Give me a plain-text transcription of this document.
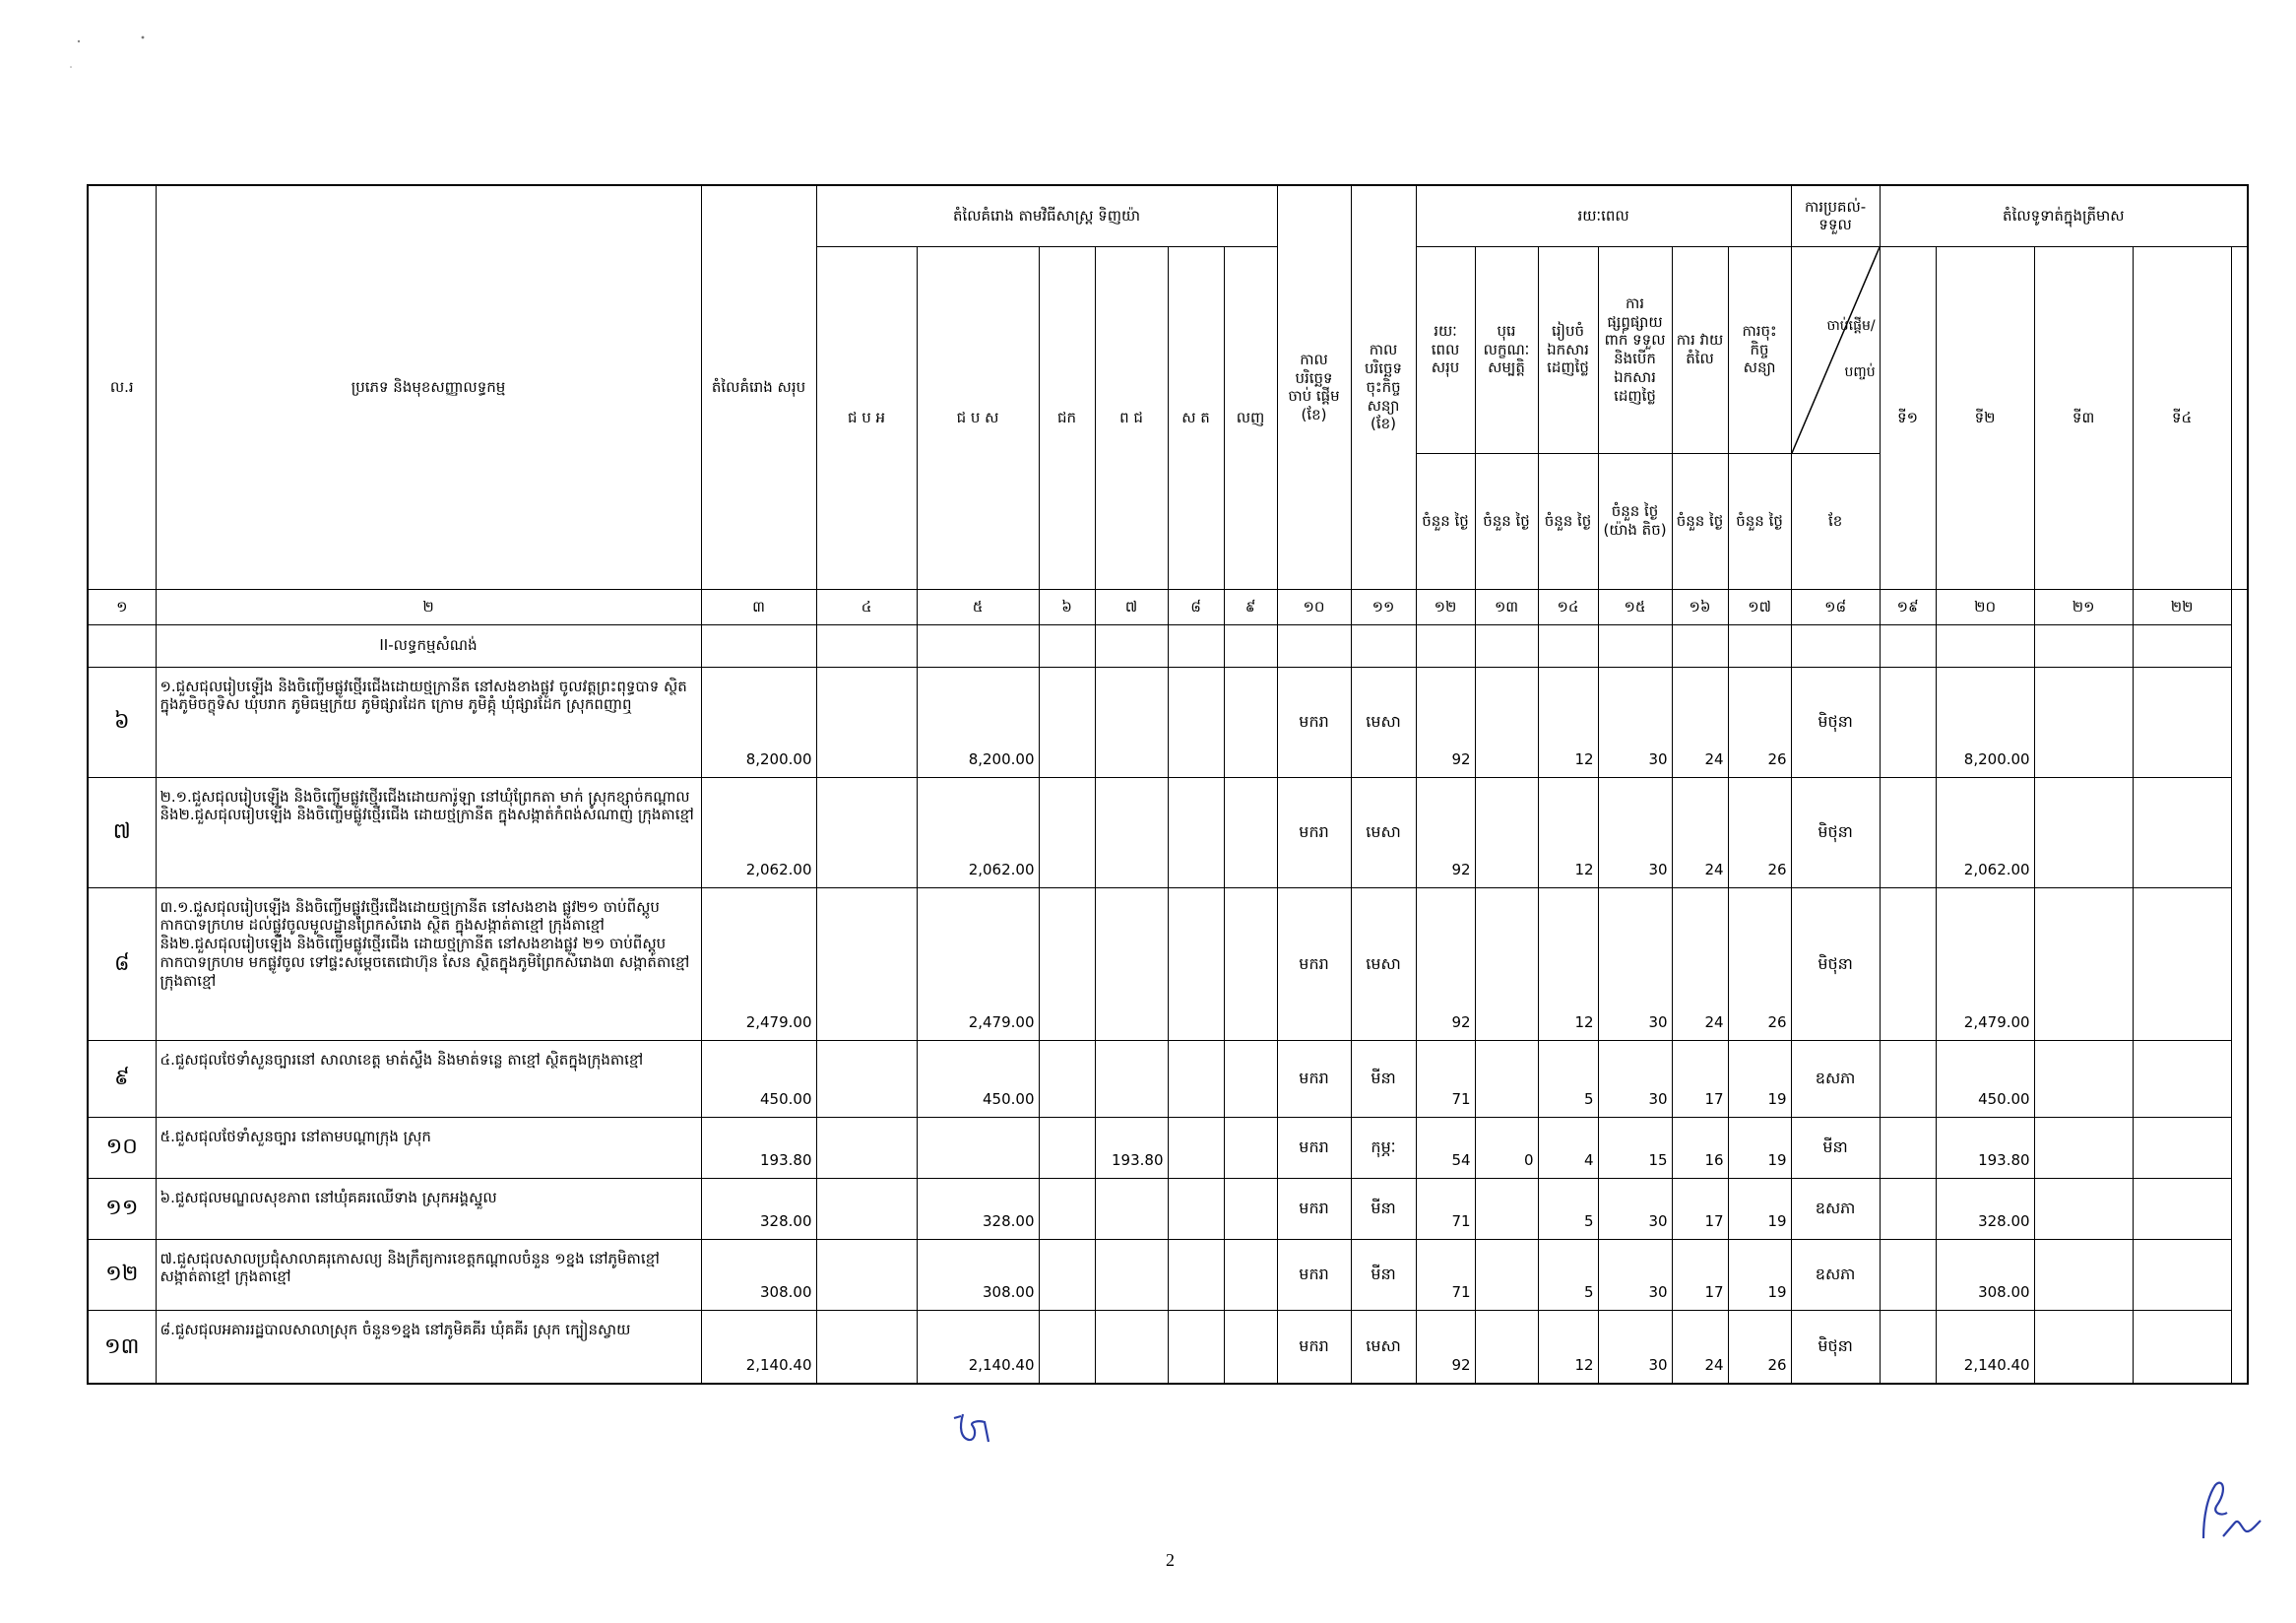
ល.រ	ប្រភេទ និងមុខសញ្ញាលទ្ធកម្ម	តំលៃគំរោង សរុប	តំលៃគំរោង តាមវិធីសាស្ត្រ ទិញយ៉ា						កាលបរិច្ឆេទ ចាប់ ផ្តើម (ខែ)	កាលបរិច្ឆេទ ចុះកិច្ច សន្យា (ខែ)	រយៈពេល						ការប្រគល់- ទទួល	តំលៃទូទាត់ក្នុងត្រីមាស				
			ជ ប អ	ជ ប ស	ជក	ព ជ	ស ត	លញ			រយៈ ពេល សរុប	បុរេ លក្ខណៈ សម្បត្តិ	រៀបចំ ឯកសារ ដេញថ្លៃ	ការផ្សព្វផ្សាយពាក់ ទទួល និងបើក ឯកសារ ដេញថ្លៃ	ការ វាយ តំលៃ	ការចុះ កិច្ច សន្យា	ចាប់ផ្តើម/
បញ្ចប់	ទី១	ទី២	ទី៣	ទី៤	
											ចំនួន ថ្ងៃ	ចំនួន ថ្ងៃ	ចំនួន ថ្ងៃ	ចំនួន ថ្ងៃ (យ៉ាង តិច)	ចំនួន ថ្ងៃ	ចំនួន ថ្ងៃ	ខែ					
១	២	៣	៤	៥	៦	៧	៨	៩	១០	១១	១២	១៣	១៤	១៥	១៦	១៧	១៨	១៩	២០	២១	២២	
	II-លទ្ធកម្មសំណង់																					
៦	១.ជួសជុលរៀបឡើង និងចិញ្ចើមផ្លូវថ្មើរជើងដោយថ្មក្រានីត នៅសងខាងផ្លូវ ចូលវត្តព្រះពុទ្ធបាទ ស្ថិតក្នុងភូមិចក្ខុទិស ឃុំបរាក ភូមិធម្មក្រយ ភូមិផ្សារដែក ក្រោម ភូមិគ្កុំ ឃុំផ្សារដែក ស្រុកពញាឮ	8,200.00		8,200.00					មករា	មេសា	92		12	30	24	26	មិថុនា		8,200.00			
៧	២.១.ជួសជុលរៀបឡើង និងចិញ្ចើមផ្លូវថ្មើរជើងដោយការ៉ូឡា នៅឃុំព្រែកតា មាក់ ស្រុកខ្សាច់កណ្តាល និង២.ជួសជុលរៀបឡើង និងចិញ្ចើមផ្លូវថ្មើរជើង ដោយថ្មក្រានីត ក្នុងសង្កាត់កំពង់សំណាញ់ ក្រុងតាខ្មៅ	2,062.00		2,062.00					មករា	មេសា	92		12	30	24	26	មិថុនា		2,062.00			
៨	៣.១.ជួសជុលរៀបឡើង និងចិញ្ចើមផ្លូវថ្មើរជើងដោយថ្មក្រានីត នៅសងខាង ផ្លូវ២១ ចាប់ពីស្តូបកាកបាទក្រហម ដល់ផ្លូវចូលមូលដ្ឋានព្រែកសំរោង ស្ថិត ក្នុងសង្កាត់តាខ្មៅ ក្រុងតាខ្មៅ និង២.ជួសជុលរៀបឡើង និងចិញ្ចើមផ្លូវថ្មើរជើង ដោយថ្មក្រានីត នៅសងខាងផ្លូវ ២១ ចាប់ពីស្តូបកាកបាទក្រហម មកផ្លូវចូល ទៅផ្ទះសម្តេចតេជោហ៊ុន សែន ស្ថិតក្នុងភូមិព្រែកសំរោង៣ សង្កាត់តាខ្មៅ ក្រុងតាខ្មៅ	2,479.00		2,479.00					មករា	មេសា	92		12	30	24	26	មិថុនា		2,479.00			
៩	៤.ជួសជុលថែទាំសួនច្បារនៅ សាលាខេត្ត មាត់ស្ទឹង និងមាត់ទន្លេ តាខ្មៅ ស្ថិតក្នុងក្រុងតាខ្មៅ	450.00		450.00					មករា	មីនា	71		5	30	17	19	ឧសភា		450.00			
១០	៥.ជួសជុលថែទាំសួនច្បារ នៅតាមបណ្តាក្រុង ស្រុក	193.80				193.80			មករា	កុម្ភៈ	54	0	4	15	16	19	មីនា		193.80			
១១	៦.ជួសជុលមណ្ឌលសុខភាព នៅឃុំគគរឈើទាង ស្រុកអង្គស្នួល	328.00		328.00					មករា	មីនា	71		5	30	17	19	ឧសភា		328.00			
១២	៧.ជួសជុលសាលប្រជុំសាលាគរុកោសល្យ និងក្រឹត្យការខេត្តកណ្តាលចំនួន ១ខ្នង នៅភូមិតាខ្មៅ សង្កាត់តាខ្មៅ ក្រុងតាខ្មៅ	308.00		308.00					មករា	មីនា	71		5	30	17	19	ឧសភា		308.00			
១៣	៨.ជួសជុលអគាររដ្ឋបាលសាលាស្រុក ចំនួន១ខ្នង នៅភូមិគគីរ ឃុំគគីរ ស្រុក ក្បៀនស្វាយ	2,140.40		2,140.40					មករា	មេសា	92		12	30	24	26	មិថុនា		2,140.40			
2
